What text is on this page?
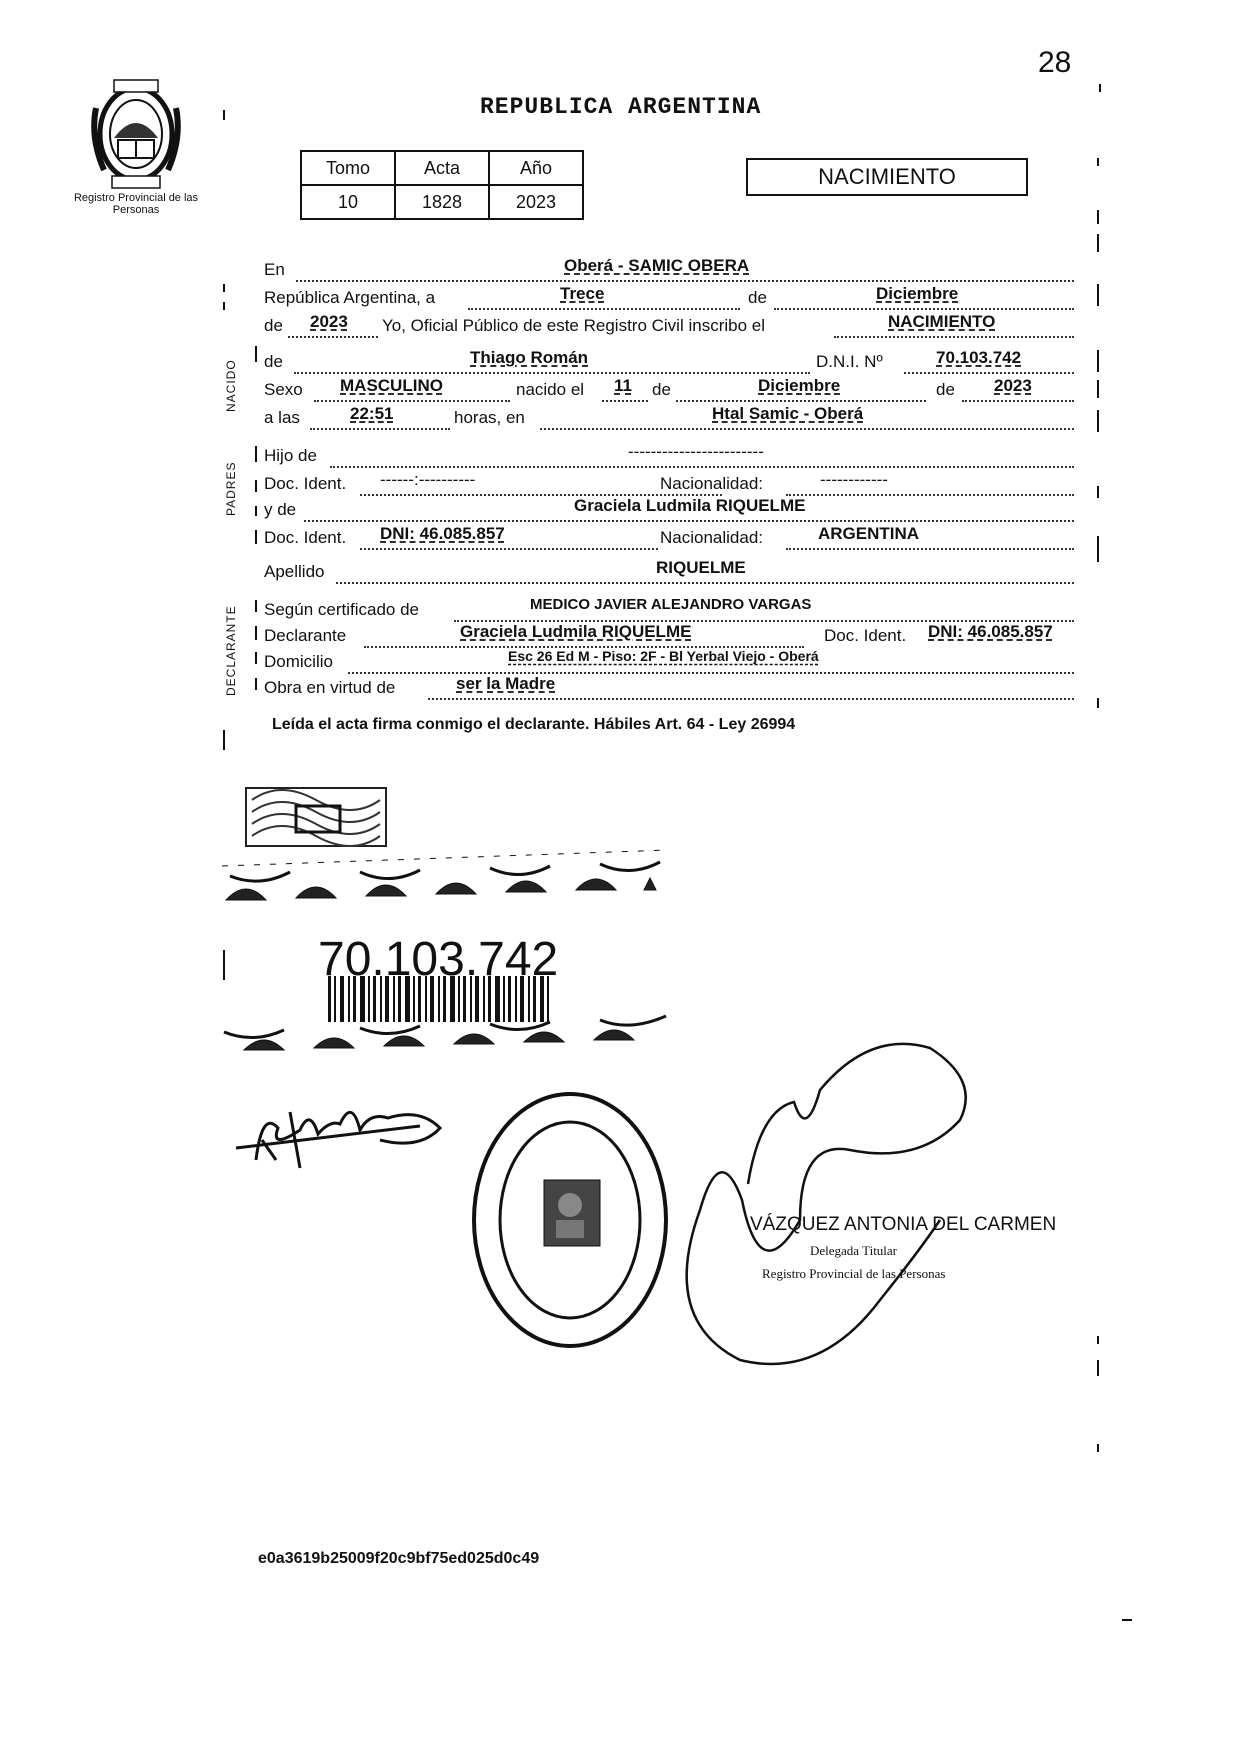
28
REPUBLICA ARGENTINA
Registro Provincial de las Personas
Tomo	Acta	Año
10	1828	2023
NACIMIENTO
NACIDO
PADRES
DECLARANTE
En	Oberá - SAMIC OBERA
República Argentina, a	Trece	de	Diciembre
de 2023 Yo, Oficial Público de este Registro Civil inscribo el	NACIMIENTO
de	Thiago Román	D.N.I. Nº	70.103.742
Sexo MASCULINO	nacido el 11 de	Diciembre	de 2023
a las	22:51	horas, en	Htal Samic - Oberá
Hijo de	------------------------
Doc. Ident. ------:----------	Nacionalidad:	------------
y de	Graciela Ludmila RIQUELME
Doc. Ident. DNI: 46.085.857	Nacionalidad:	ARGENTINA
Apellido	RIQUELME
Según certificado de	MEDICO JAVIER ALEJANDRO VARGAS
Declarante	Graciela Ludmila RIQUELME	Doc. Ident. DNI: 46.085.857
Domicilio	Esc 26 Ed M - Piso: 2F - Bl Yerbal Viejo - Oberá
Obra en virtud de	ser la Madre
Leída el acta firma conmigo el declarante. Hábiles Art. 64 - Ley 26994
70.103.742
VÁZQUEZ ANTONIA DEL CARMEN
Delegada Titular
Registro Provincial de las Personas
e0a3619b25009f20c9bf75ed025d0c49
